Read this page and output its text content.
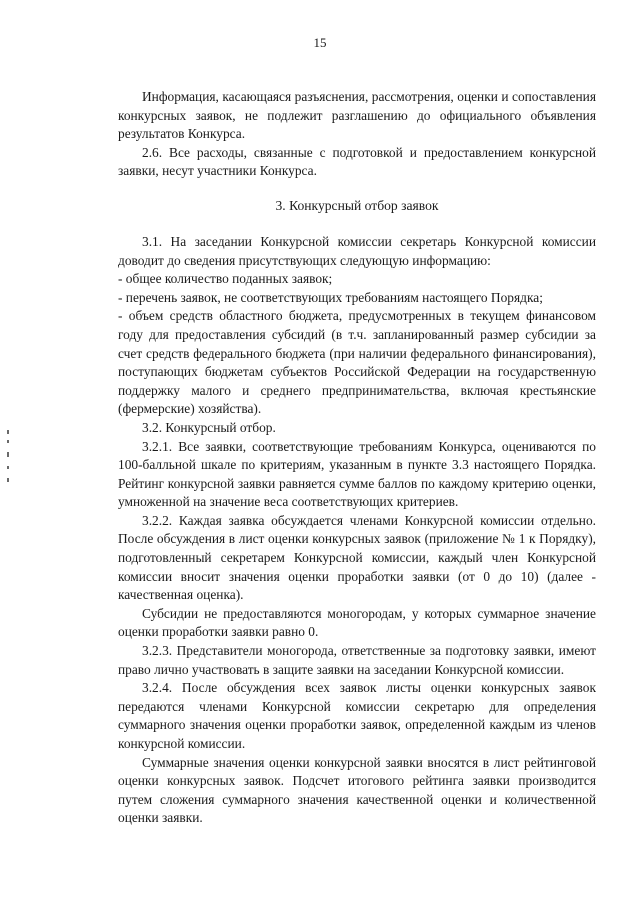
15

Информация, касающаяся разъяснения, рассмотрения, оценки и сопоставления конкурсных заявок, не подлежит разглашению до официального объявления результатов Конкурса.

2.6. Все расходы, связанные с подготовкой и предоставлением конкурсной заявки, несут участники Конкурса.

3. Конкурсный отбор заявок

3.1. На заседании Конкурсной комиссии секретарь Конкурсной комиссии доводит до сведения присутствующих следующую информацию:

- общее количество поданных заявок;

- перечень заявок, не соответствующих требованиям настоящего Порядка;

- объем средств областного бюджета, предусмотренных в текущем финансовом году для предоставления субсидий (в т.ч. запланированный размер субсидии за счет средств федерального бюджета (при наличии федерального финансирования), поступающих бюджетам субъектов Российской Федерации на государственную поддержку малого и среднего предпринимательства, включая крестьянские (фермерские) хозяйства).

3.2. Конкурсный отбор.

3.2.1. Все заявки, соответствующие требованиям Конкурса, оцениваются по 100-балльной шкале по критериям, указанным в пункте 3.3 настоящего Порядка. Рейтинг конкурсной заявки равняется сумме баллов по каждому критерию оценки, умноженной на значение веса соответствующих критериев.

3.2.2. Каждая заявка обсуждается членами Конкурсной комиссии отдельно. После обсуждения в лист оценки конкурсных заявок (приложение № 1 к Порядку), подготовленный секретарем Конкурсной комиссии, каждый член Конкурсной комиссии вносит значения оценки проработки заявки (от 0 до 10) (далее - качественная оценка).

Субсидии не предоставляются моногородам, у которых суммарное значение оценки проработки заявки равно 0.

3.2.3. Представители моногорода, ответственные за подготовку заявки, имеют право лично участвовать в защите заявки на заседании Конкурсной комиссии.

3.2.4. После обсуждения всех заявок листы оценки конкурсных заявок передаются членами Конкурсной комиссии секретарю для определения суммарного значения оценки проработки заявок, определенной каждым из членов конкурсной комиссии.

Суммарные значения оценки конкурсной заявки вносятся в лист рейтинговой оценки конкурсных заявок. Подсчет итогового рейтинга заявки производится путем сложения суммарного значения качественной оценки и количественной оценки заявки.
